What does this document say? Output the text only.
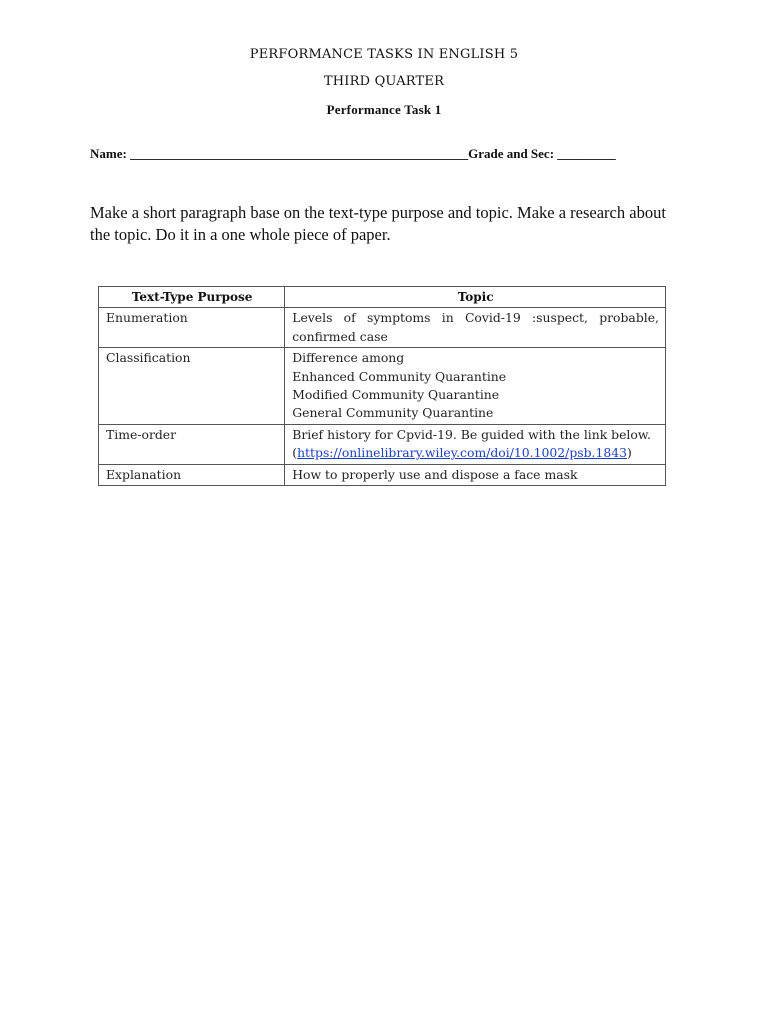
PERFORMANCE TASKS IN ENGLISH 5
THIRD QUARTER
Performance Task 1
Name: ____________________________________________________Grade and Sec: _________
Make a short paragraph base on the text-type purpose and topic. Make a research about the topic. Do it in a one whole piece of paper.
Text-Type Purpose	Topic
Enumeration	Levels of symptoms in Covid-19 :suspect, probable, confirmed case
Classification	Difference among
Enhanced Community Quarantine
Modified Community Quarantine
General Community Quarantine

Time-order	Brief history for Cpvid-19. Be guided with the link below.
(https://onlinelibrary.wiley.com/doi/10.1002/psb.1843)

Explanation	How to properly use and dispose a face mask
